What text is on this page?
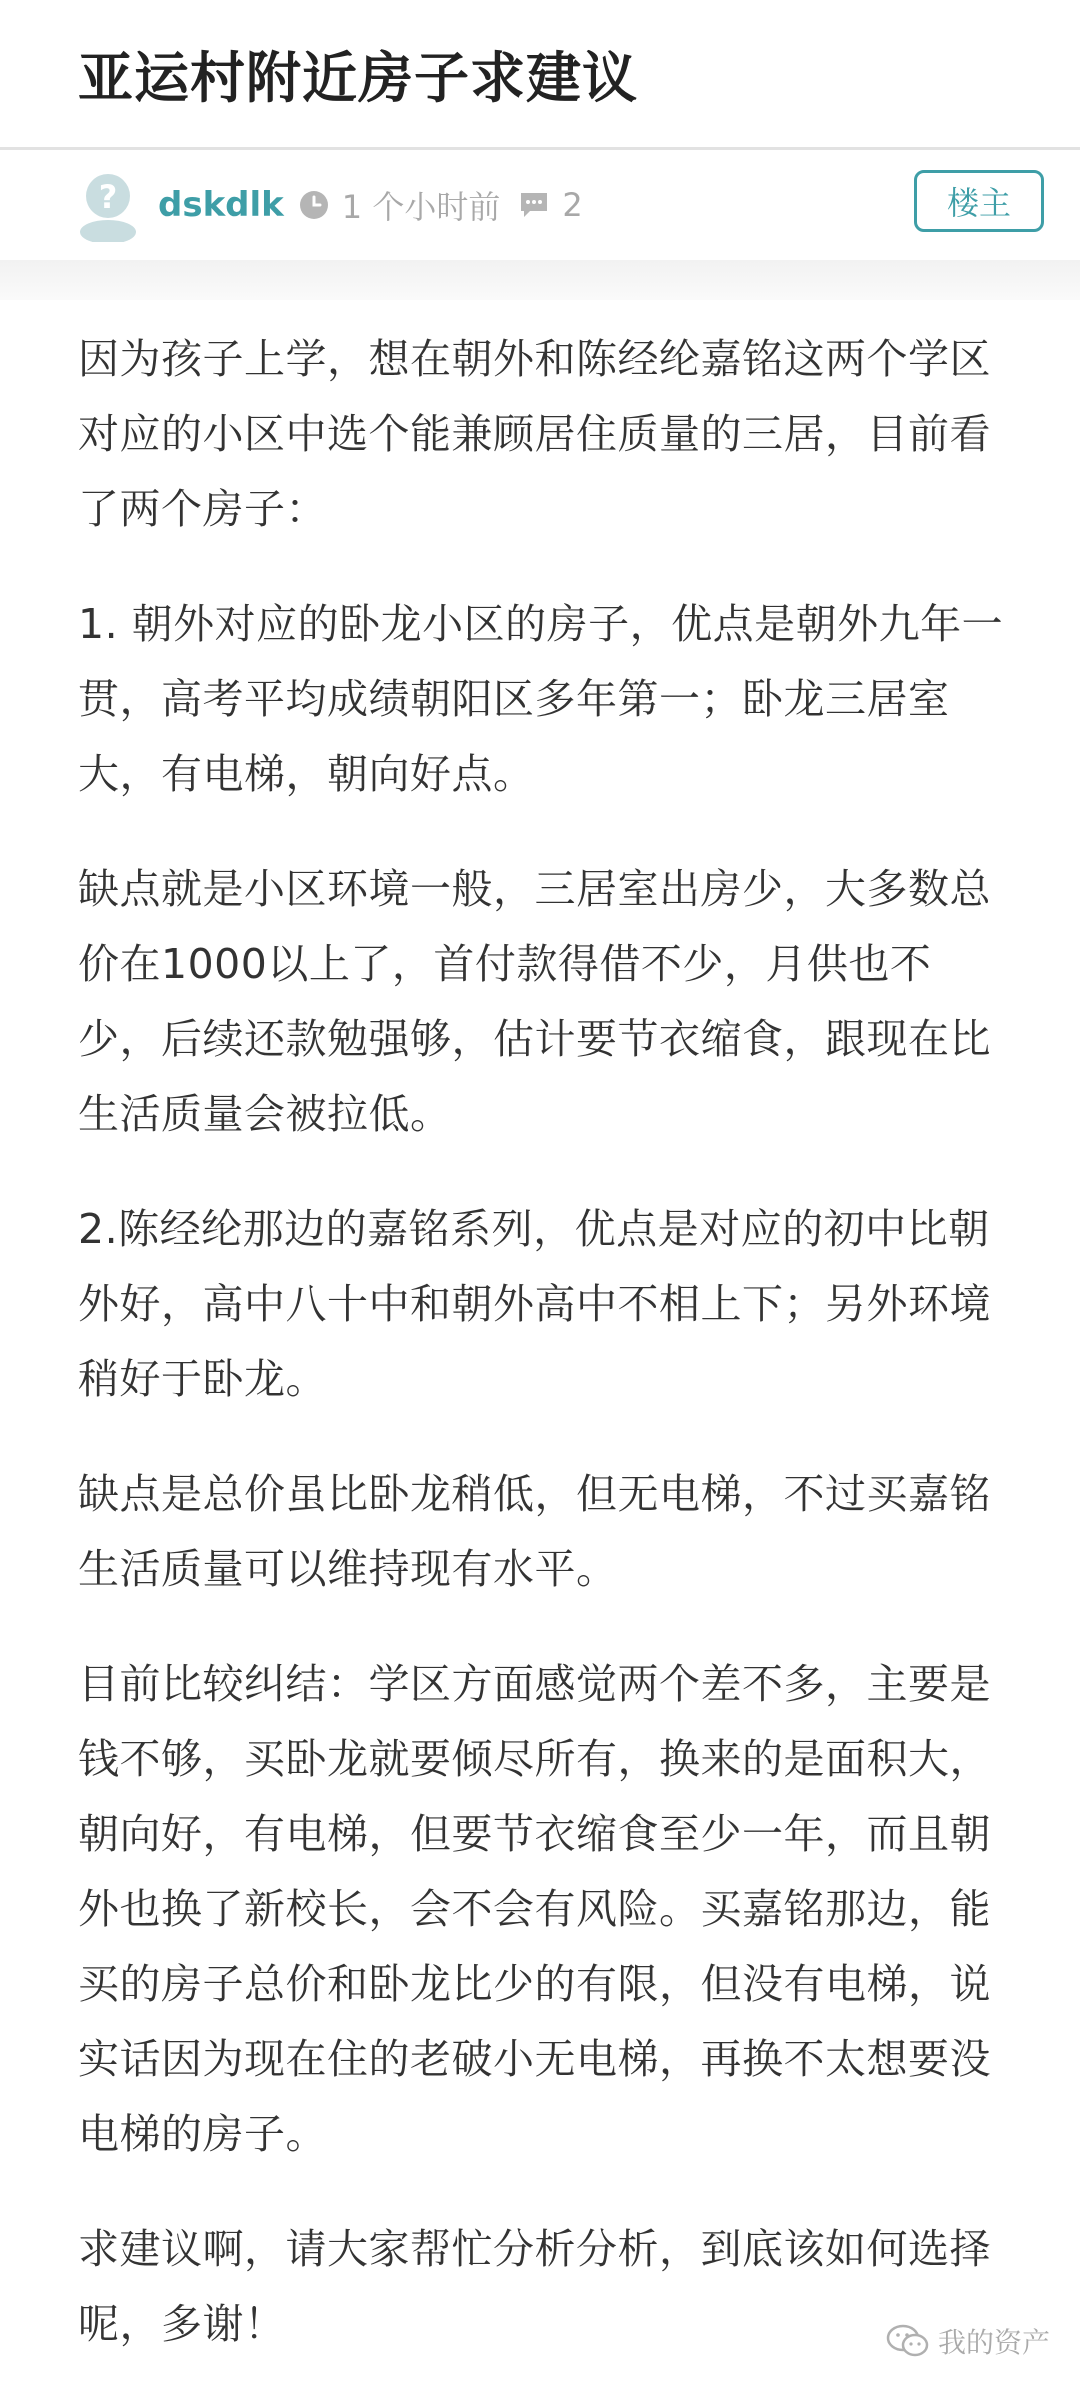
亚运村附近房子求建议
? dskdlk 1 个小时前 2	楼主

因为孩子上学，想在朝外和陈经纶嘉铭这两个学区对应的小区中选个能兼顾居住质量的三居，目前看了两个房子：

1. 朝外对应的卧龙小区的房子，优点是朝外九年一贯，高考平均成绩朝阳区多年第一；卧龙三居室大，有电梯，朝向好点。

缺点就是小区环境一般，三居室出房少，大多数总价在1000以上了，首付款得借不少，月供也不少，后续还款勉强够，估计要节衣缩食，跟现在比生活质量会被拉低。

2.陈经纶那边的嘉铭系列，优点是对应的初中比朝外好，高中八十中和朝外高中不相上下；另外环境稍好于卧龙。

缺点是总价虽比卧龙稍低，但无电梯，不过买嘉铭生活质量可以维持现有水平。

目前比较纠结：学区方面感觉两个差不多，主要是钱不够，买卧龙就要倾尽所有，换来的是面积大，朝向好，有电梯，但要节衣缩食至少一年，而且朝外也换了新校长，会不会有风险。买嘉铭那边，能买的房子总价和卧龙比少的有限，但没有电梯，说实话因为现在住的老破小无电梯，再换不太想要没电梯的房子。

求建议啊，请大家帮忙分析分析，到底该如何选择呢，多谢！	我的资产
